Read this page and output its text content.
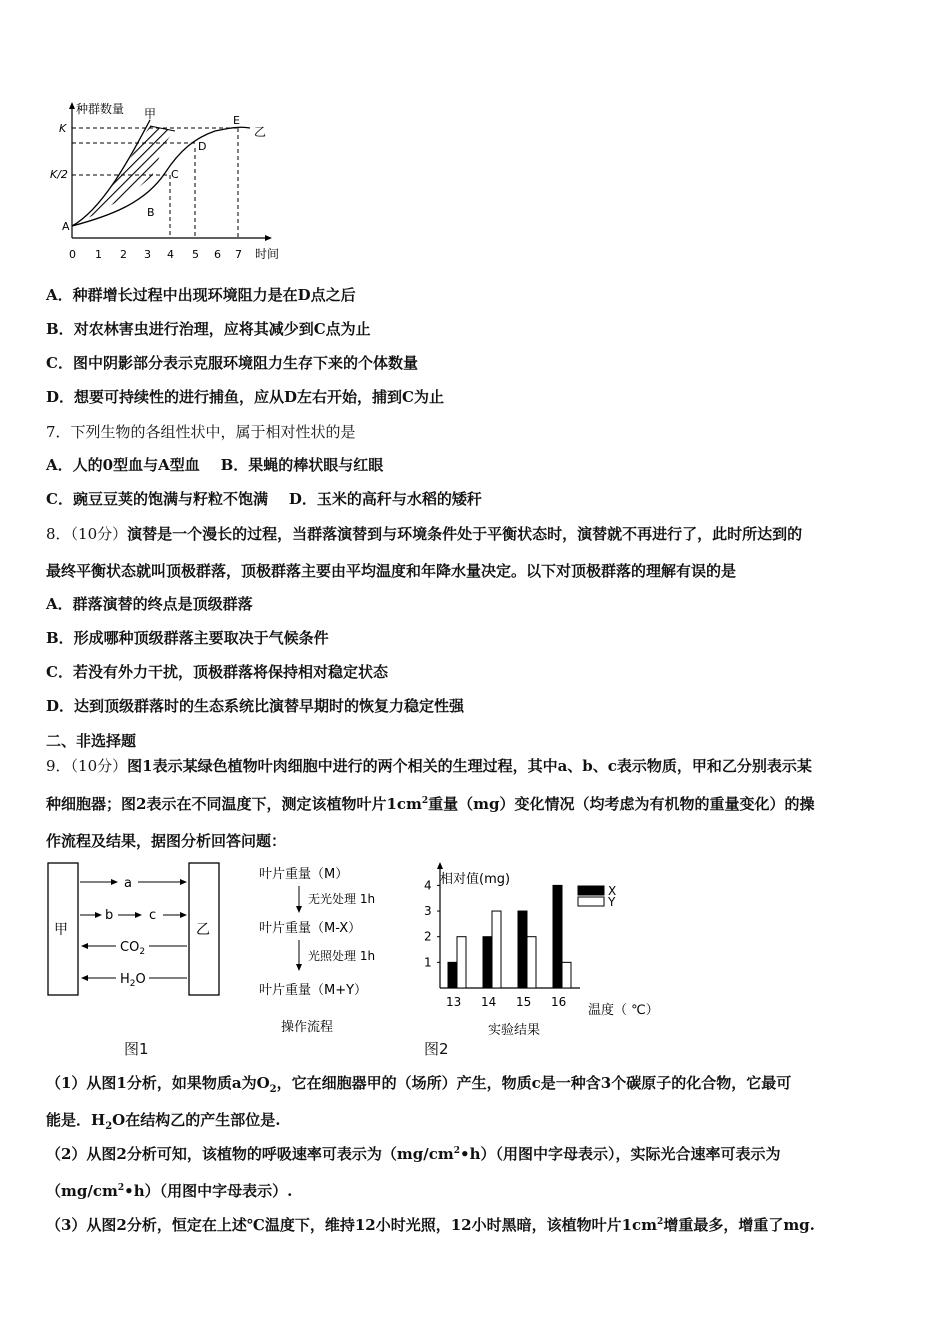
种群数量
时间
K
K/2
A
B
C
D
E
甲
乙
0 1 2 3 4 5 6 7
A．种群增长过程中出现环境阻力是在D点之后
B．对农林害虫进行治理，应将其减少到C点为止
C．图中阴影部分表示克服环境阻力生存下来的个体数量
D．想要可持续性的进行捕鱼，应从D左右开始，捕到C为止
7．下列生物的各组性状中，属于相对性状的是
A．人的0型血与A型血 B．果蝇的棒状眼与红眼
C．豌豆豆荚的饱满与籽粒不饱满 D．玉米的高秆与水稻的矮秆
8．（10分）演替是一个漫长的过程，当群落演替到与环境条件处于平衡状态时，演替就不再进行了，此时所达到的
最终平衡状态就叫顶极群落，顶极群落主要由平均温度和年降水量决定。以下对顶极群落的理解有误的是
A．群落演替的终点是顶级群落
B．形成哪种顶级群落主要取决于气候条件
C．若没有外力干扰，顶极群落将保持相对稳定状态
D．达到顶级群落时的生态系统比演替早期时的恢复力稳定性强
二、非选择题
9．（10分）图1表示某绿色植物叶肉细胞中进行的两个相关的生理过程，其中a、b、c表示物质，甲和乙分别表示某
种细胞器；图2表示在不同温度下，测定该植物叶片$1cm^2$重量（mg）变化情况（均考虑为有机物的重量变化）的操
作流程及结果，据图分析回答问题：
甲	乙
a
b	c
$CO_2$
$H_2O$
图1
叶片重量（M）
无光处理 1h
叶片重量（M-X）
光照处理 1h
叶片重量（M+Y）
操作流程
1
2
3
4
13 14 15 16
X
Y
相对值(mg)
温度（ ℃）
实验结果
图2
（1）从图1分析，如果物质a为$O_2$，它在细胞器甲的（场所）产生，物质c是一种含3个碳原子的化合物，它最可
能是．$H_2O$在结构乙的产生部位是.
（2）从图2分析可知，该植物的呼吸速率可表示为$(mg/cm^2•h)$（用图中字母表示），实际光合速率可表示为
$(mg/cm^2•h)$（用图中字母表示）.
（3）从图2分析，恒定在上述℃温度下，维持12小时光照，12小时黑暗，该植物叶片$1cm^2$增重最多，增重了mg.
